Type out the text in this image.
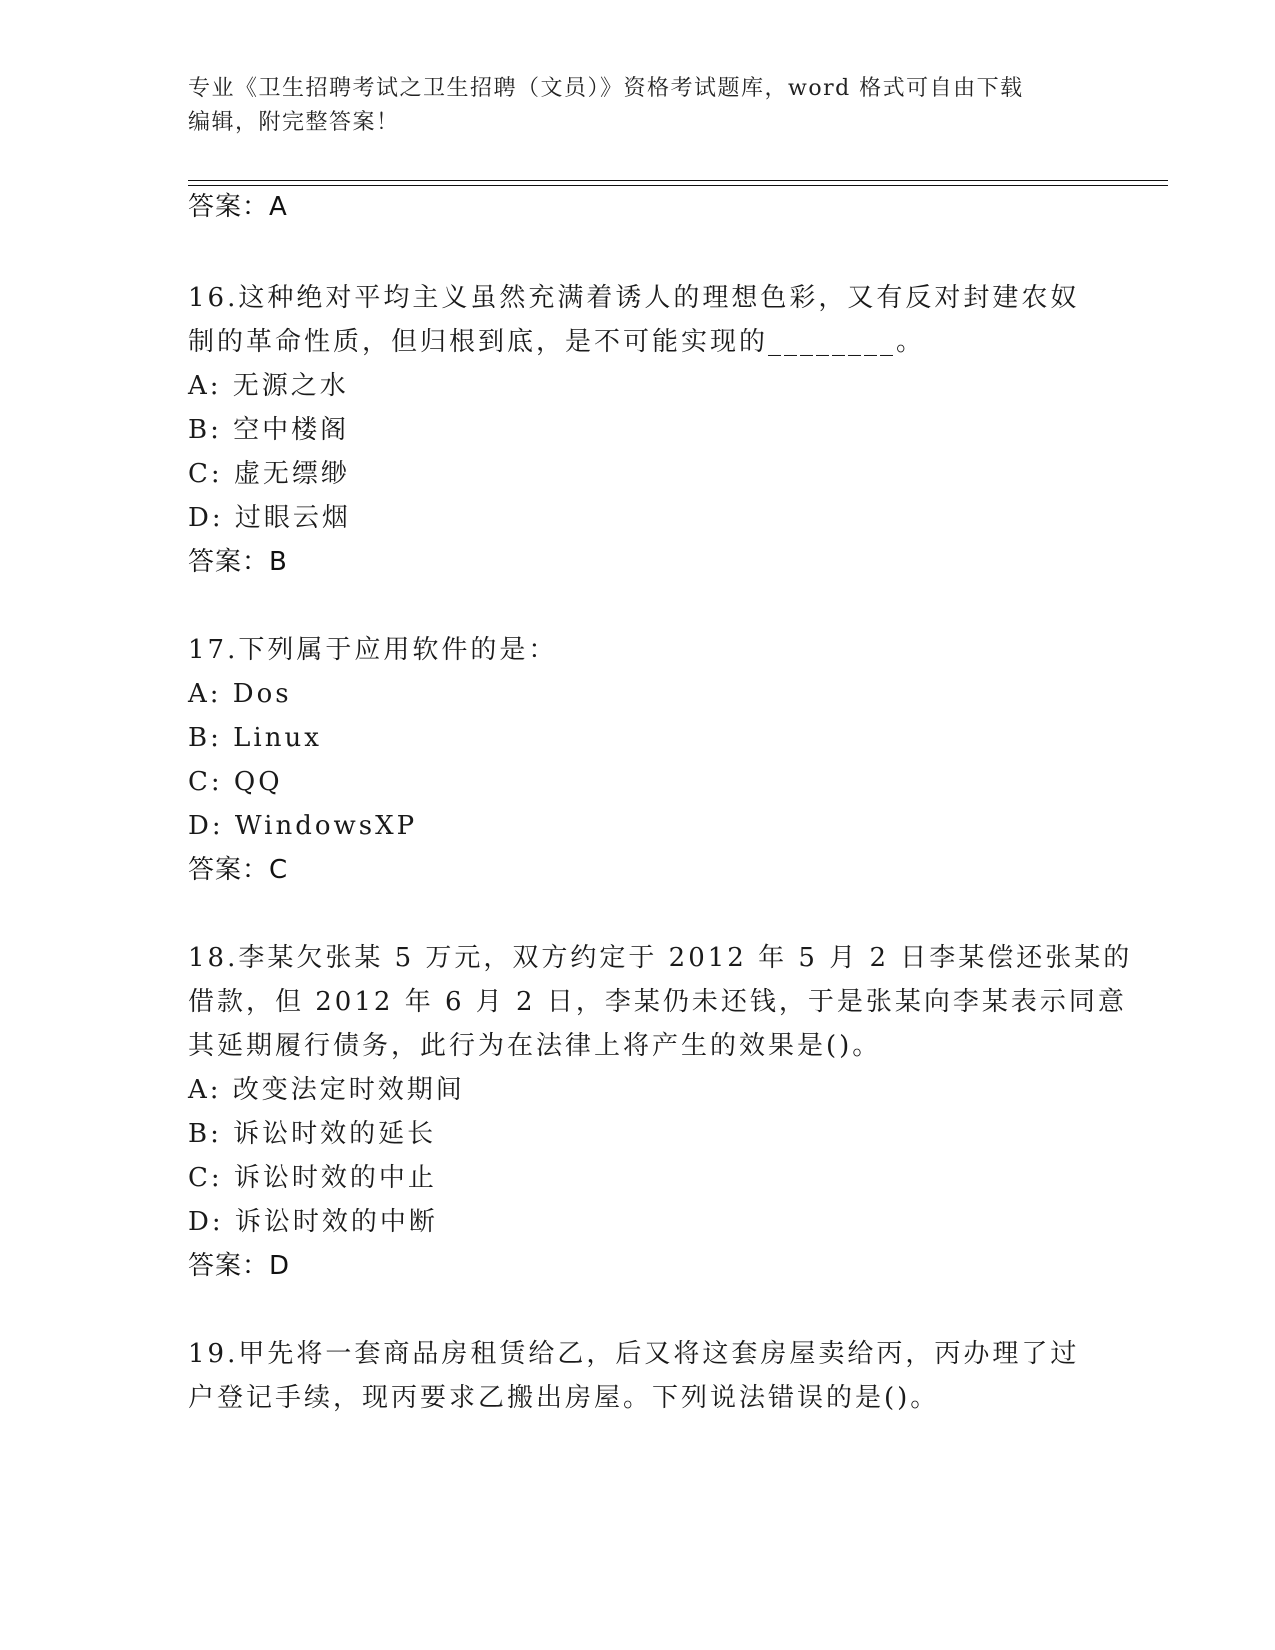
专业《卫生招聘考试之卫生招聘（文员）》资格考试题库，word 格式可自由下载
编辑，附完整答案！
答案：A
16.这种绝对平均主义虽然充满着诱人的理想色彩，又有反对封建农奴
制的革命性质，但归根到底，是不可能实现的________。
A: 无源之水
B: 空中楼阁
C: 虚无缥缈
D: 过眼云烟
答案：B
17.下列属于应用软件的是：
A: Dos
B: Linux
C: QQ
D: WindowsXP
答案：C
18.李某欠张某 5 万元，双方约定于 2012 年 5 月 2 日李某偿还张某的
借款，但 2012 年 6 月 2 日，李某仍未还钱，于是张某向李某表示同意
其延期履行债务，此行为在法律上将产生的效果是()。
A: 改变法定时效期间
B: 诉讼时效的延长
C: 诉讼时效的中止
D: 诉讼时效的中断
答案：D
19.甲先将一套商品房租赁给乙，后又将这套房屋卖给丙，丙办理了过
户登记手续，现丙要求乙搬出房屋。下列说法错误的是()。
